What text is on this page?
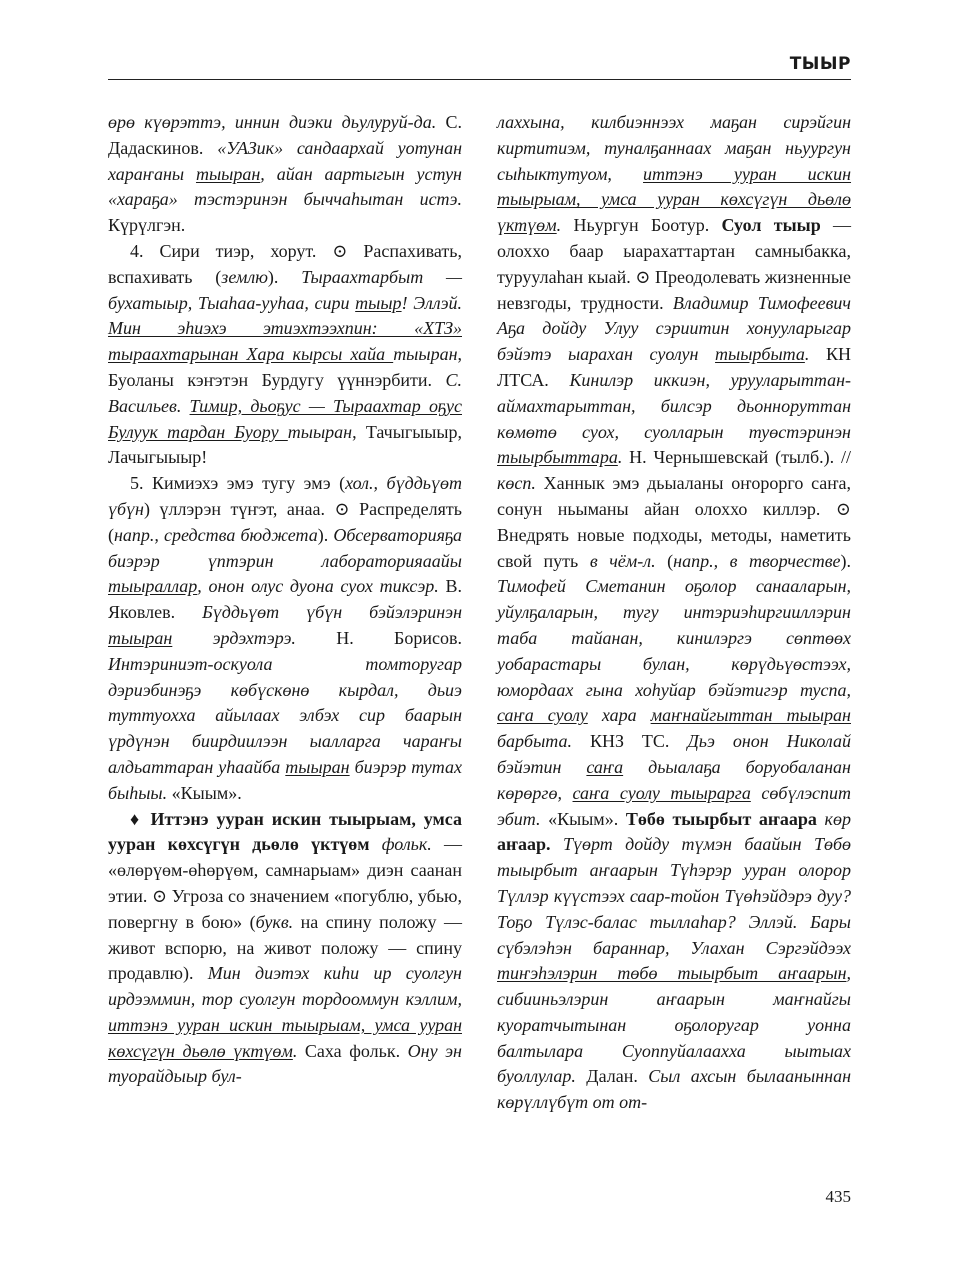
ТЫЫР

өрө күөрэттэ, иннин диэки дьулуруй-да. С. Дадаскинов. «УАЗик» сандаархай уотунан хараҥаны тыыран, айан аартыгын устун «хараҕа» тэстэринэн быччаһытан истэ. Күрүлгэн.

4. Сири тиэр, хорут. ⊙ Распахивать, вспахивать (землю). Тыраахтарбыт — бухатыыр, Тыаһаа-ууһаа, сири тыыр! Эллэй. Мин эһиэхэ этиэхтээхпин: «ХТЗ» тыраахтарынан Хара кырсы хайа тыыран, Буоланы кэҥэтэн Бурдугу үүннэрбити. С. Васильев. Тимир, дьоҕус — Тыраахтар оҕус Булуук тардан Буору тыыран, Тачыгыыыр, Лачыгыыыр!

5. Кимиэхэ эмэ тугу эмэ (хол., бүддьүөт үбүн) үллэрэн түҥэт, анаа. ⊙ Распределять (напр., средства бюджета). Обсерваторияҕа биэрэр үптэрин лабораторияаайы тыыраллар, онон олус дуона суох тиксэр. В. Яковлев. Бүддьүөт үбүн бэйэлэринэн тыыран эрдэхтэрэ. Н. Борисов. Интэриниэт-оскуола томторугар дэриэбинэҕэ көбүскөнө кырдал, дьиэ туттуохха айылаах элбэх сир баарын үрдүнэн биирдиилээн ыалларга чараҥы алдьаттаран уһаайба тыыран биэрэр тутах быһыы. «Кыым».

♦ Иттэнэ ууран искин тыырыам, умса ууран көхсүгүн дьөлө үктүөм фольк. — «өлөрүөм-өһөрүөм, самнарыам» диэн саанан этии. ⊙ Угроза со значением «погублю, убью, повергну в бою» (букв. на спину положу — живот вспорю, на живот положу — спину продавлю). Мин диэтэх киһи ир суолгун ирдээммин, тор суолгун тордооммун кэллим, иттэнэ ууран искин тыырыам, умса ууран көхсүгүн дьөлө үктүөм. Саха фольк. Ону эн туорайдыыр бул-

лаххына, килбиэннээх маҕан сирэйгин киртитиэм, туналҕаннаах маҕан ньуургун сыһыктутуом, иттэнэ ууран искин тыырыам, умса ууран көхсүгүн дьөлө үктүөм. Ньургун Боотур. Суол тыыр — олоххо баар ыарахаттартан самныбакка, туруулаһан кыай. ⊙ Преодолевать жизненные невзгоды, трудности. Владимир Тимофеевич Аҕа дойду Улуу сэриитин хонууларыгар бэйэтэ ыарахан суолун тыырбыта. КН ЛТСА. Кинилэр иккиэн, урууларыттан-аймахтарыттан, билсэр дьоннoруттан көмөтө суох, суолларын туөстэринэн тыырбыттара. Н. Чернышевскай (тылб.). // көсп. Ханнык эмэ дьыаланы оҥорорго саҥа, сонун ньыманы айан олоххо киллэр. ⊙ Внедрять новые подходы, методы, наметить свой путь в чём-л. (напр., в творчестве). Тимофей Сметанин оҕолор санааларын, уйулҕаларын, тугу интэриэһиргииллэрин таба тайанан, кинилэргэ сөптөөх уобарастары булан, көрүдьүөстээх, юмордаах гына хоһуйар бэйэтигэр туспа, саҥа суолу хара маҥнайгыттан тыыран барбыта. КНЗ ТС. Дьэ онон Николай бэйэтин саҥа дьыалаҕа боруобаланан көрөргө, саҥа суолу тыырарга сөбүлэспит эбит. «Кыым». Төбө тыырбыт аҥаара көр аҥаар. Түөрт дойду түмэн баайын Төбө тыырбыт аҥаарын Түһэрэр ууран олорор Түллэр күүстээх саар-тойон Түөһэйдэрэ дуу? Тоҕо Түлэс-балас тыллаһар? Эллэй. Бары сүбэлэһэн бараннар, Улахан Сэргэйдээх тиҥэһэлэрин төбө тыырбыт аҥаарын, сибииньэлэрин аҥаарын маҥнайгы куоратчытынан оҕолоругар уонна балтылара Суоппуйалаахха ыытыах буоллулар. Далан. Сыл ахсын былааныннан көрүллүбүт от от-

435
